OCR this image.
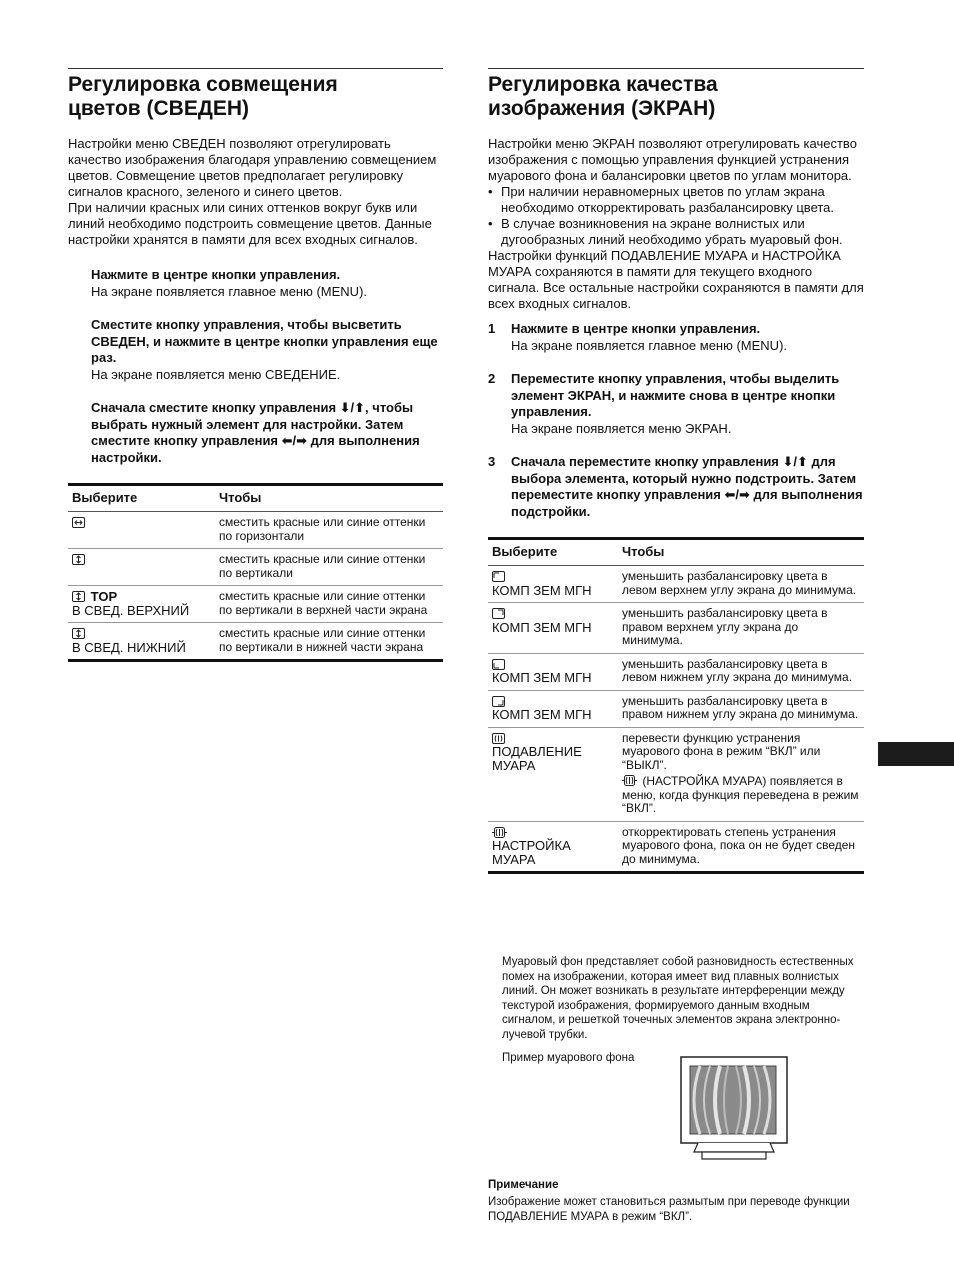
Регулировка совмещения цветов (СВЕДЕН)

Настройки меню СВЕДЕН позволяют отрегулировать качество изображения благодаря управлению совмещением цветов. Совмещение цветов предполагает регулировку сигналов красного, зеленого и синего цветов.

При наличии красных или синих оттенков вокруг букв или линий необходимо подстроить совмещение цветов. Данные настройки хранятся в памяти для всех входных сигналов.

Нажмите в центре кнопки управления.
На экране появляется главное меню (MENU).
Сместите кнопку управления, чтобы высветить СВЕДЕН, и нажмите в центре кнопки управления еще раз.
На экране появляется меню СВЕДЕНИЕ.
Сначала сместите кнопку управления ⬇/⬆, чтобы выбрать нужный элемент для настройки. Затем сместите кнопку управления ⬅/➡ для выполнения настройки.
Выберите	Чтобы

	сместить красные или синие оттенки по горизонтали

	сместить красные или синие оттенки по вертикали

TOP
В СВЕД. ВЕРХНИЙ	сместить красные или синие оттенки по вертикали в верхней части экрана

В СВЕД. НИЖНИЙ	сместить красные или синие оттенки по вертикали в нижней части экрана
Регулировка качества изображения (ЭКРАН)

Настройки меню ЭКРАН позволяют отрегулировать качество изображения с помощью управления функцией устранения муарового фона и балансировки цветов по углам монитора.

• При наличии неравномерных цветов по углам экрана необходимо откорректировать разбалансировку цвета.
• В случае возникновения на экране волнистых или дугообразных линий необходимо убрать муаровый фон.

Настройки функций ПОДАВЛЕНИЕ МУАРА и НАСТРОЙКА МУАРА сохраняются в памяти для текущего входного сигнала. Все остальные настройки сохраняются в памяти для всех входных сигналов.

1 Нажмите в центре кнопки управления.
На экране появляется главное меню (MENU).
2 Переместите кнопку управления, чтобы выделить элемент ЭКРАН, и нажмите снова в центре кнопки управления.
На экране появляется меню ЭКРАН.
3 Сначала переместите кнопку управления ⬇/⬆ для выбора элемента, который нужно подстроить. Затем переместите кнопку управления ⬅/➡ для выполнения подстройки.
Выберите	Чтобы

КОМП ЗЕМ МГН	уменьшить разбалансировку цвета в левом верхнем углу экрана до минимума.

КОМП ЗЕМ МГН	уменьшить разбалансировку цвета в правом верхнем углу экрана до минимума.

КОМП ЗЕМ МГН	уменьшить разбалансировку цвета в левом нижнем углу экрана до минимума.

КОМП ЗЕМ МГН	уменьшить разбалансировку цвета в правом нижнем углу экрана до минимума.

ПОДАВЛЕНИЕ МУАРА	перевести функцию устранения муарового фона в режим “ВКЛ” или “ВЫКЛ”.

(НАСТРОЙКА МУАРА) появляется в меню, когда функция переведена в режим “ВКЛ”.

НАСТРОЙКА МУАРА	откорректировать степень устранения муарового фона, пока он не будет сведен до минимума.
Муаровый фон представляет собой разновидность естественных помех на изображении, которая имеет вид плавных волнистых линий. Он может возникать в результате интерференции между текстурой изображения, формируемого данным входным сигналом, и решеткой точечных элементов экрана электронно-лучевой трубки.
Пример муарового фона
Примечание
Изображение может становиться размытым при переводе функции ПОДАВЛЕНИЕ МУАРА в режим “ВКЛ”.
